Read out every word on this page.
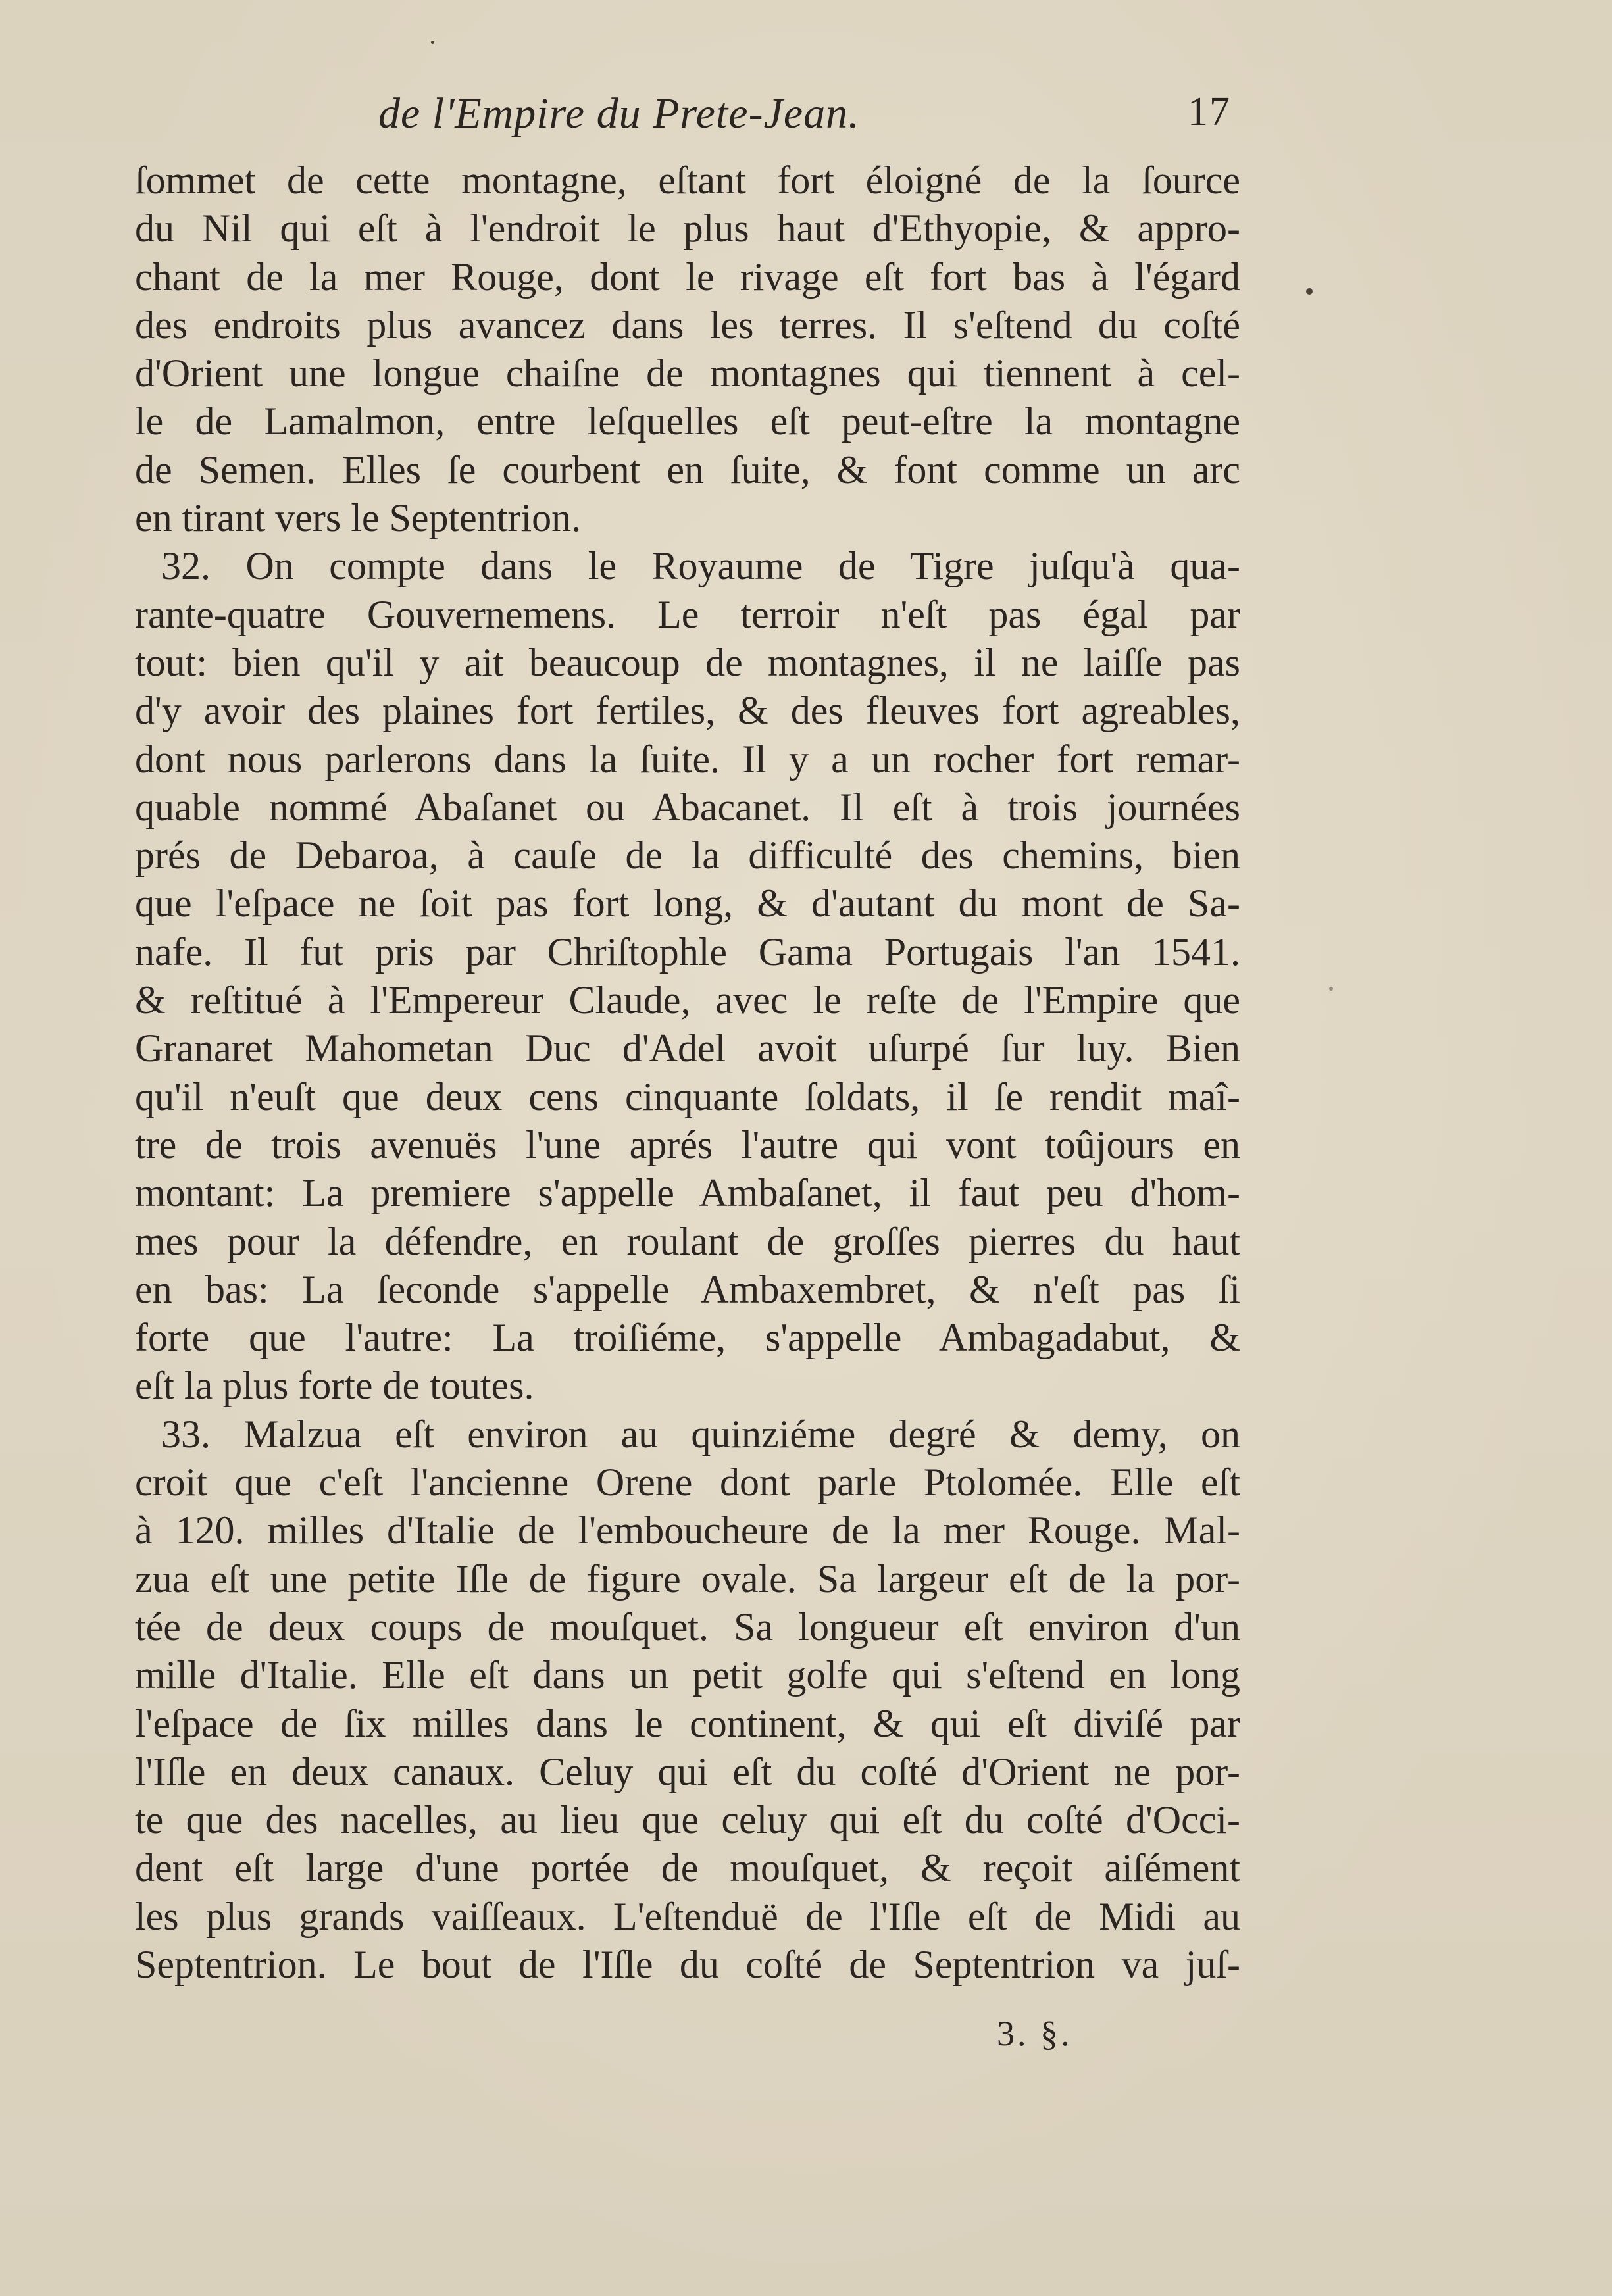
de l'Empire du Prete-Jean.	17
ſommet de cette montagne, eſtant fort éloigné de la ſource
du Nil qui eſt à l'endroit le plus haut d'Ethyopie, & appro-
chant de la mer Rouge, dont le rivage eſt fort bas à l'égard
des endroits plus avancez dans les terres. Il s'eſtend du coſté
d'Orient une longue chaiſne de montagnes qui tiennent à cel-
le de Lamalmon, entre leſquelles eſt peut-eſtre la montagne
de Semen. Elles ſe courbent en ſuite, & font comme un arc
en tirant vers le Septentrion.
32. On compte dans le Royaume de Tigre juſqu'à qua-
rante-quatre Gouvernemens. Le terroir n'eſt pas égal par
tout: bien qu'il y ait beaucoup de montagnes, il ne laiſſe pas
d'y avoir des plaines fort fertiles, & des fleuves fort agreables,
dont nous parlerons dans la ſuite. Il y a un rocher fort remar-
quable nommé Abaſanet ou Abacanet. Il eſt à trois journées
prés de Debaroa, à cauſe de la difficulté des chemins, bien
que l'eſpace ne ſoit pas fort long, & d'autant du mont de Sa-
nafe. Il fut pris par Chriſtophle Gama Portugais l'an 1541.
& reſtitué à l'Empereur Claude, avec le reſte de l'Empire que
Granaret Mahometan Duc d'Adel avoit uſurpé ſur luy. Bien
qu'il n'euſt que deux cens cinquante ſoldats, il ſe rendit maî-
tre de trois avenuës l'une aprés l'autre qui vont toûjours en
montant: La premiere s'appelle Ambaſanet, il faut peu d'hom-
mes pour la défendre, en roulant de groſſes pierres du haut
en bas: La ſeconde s'appelle Ambaxembret, & n'eſt pas ſi
forte que l'autre: La troiſiéme, s'appelle Ambagadabut, &
eſt la plus forte de toutes.
33. Malzua eſt environ au quinziéme degré & demy, on
croit que c'eſt l'ancienne Orene dont parle Ptolomée. Elle eſt
à 120. milles d'Italie de l'emboucheure de la mer Rouge. Mal-
zua eſt une petite Iſle de figure ovale. Sa largeur eſt de la por-
tée de deux coups de mouſquet. Sa longueur eſt environ d'un
mille d'Italie. Elle eſt dans un petit golfe qui s'eſtend en long
l'eſpace de ſix milles dans le continent, & qui eſt diviſé par
l'Iſle en deux canaux. Celuy qui eſt du coſté d'Orient ne por-
te que des nacelles, au lieu que celuy qui eſt du coſté d'Occi-
dent eſt large d'une portée de mouſquet, & reçoit aiſément
les plus grands vaiſſeaux. L'eſtenduë de l'Iſle eſt de Midi au
Septentrion. Le bout de l'Iſle du coſté de Septentrion va juſ-
3. §.
